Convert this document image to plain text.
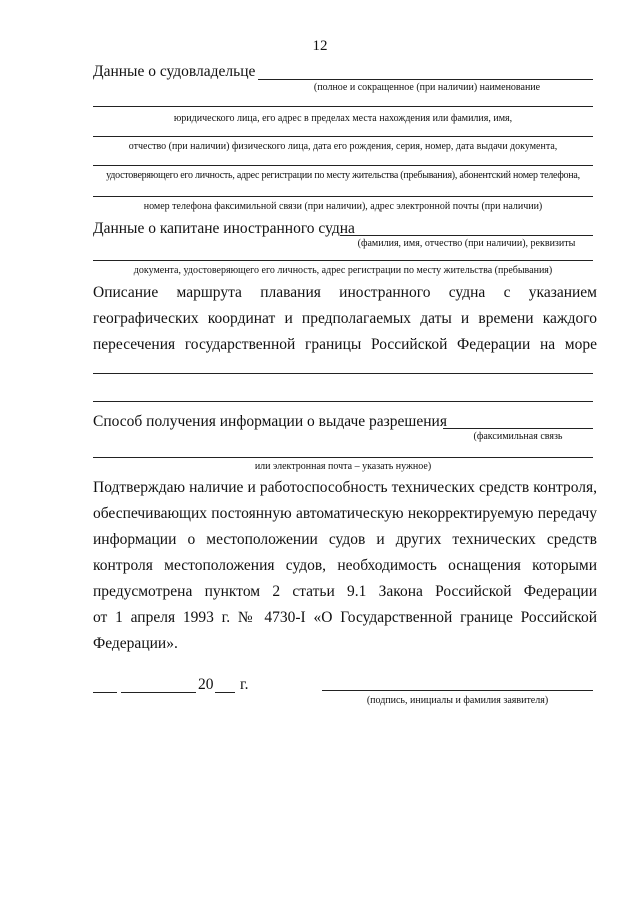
12
Данные о судовладельце
(полное и сокращенное (при наличии) наименование
юридического лица, его адрес в пределах места нахождения или фамилия, имя,
отчество (при наличии) физического лица, дата его рождения, серия, номер, дата выдачи документа,
удостоверяющего его личность, адрес регистрации по месту жительства (пребывания), абонентский номер телефона,
номер телефона факсимильной связи (при наличии), адрес электронной почты (при наличии)
Данные о капитане иностранного судна
(фамилия, имя, отчество (при наличии), реквизиты
документа, удостоверяющего его личность, адрес регистрации по месту жительства (пребывания)
Описание маршрута плавания иностранного судна с указанием
географических координат и предполагаемых даты и времени каждого
пересечения государственной границы Российской Федерации на море
Способ получения информации о выдаче разрешения
(факсимильная связь
или электронная почта – указать нужное)
Подтверждаю наличие и работоспособность технических средств контроля,
обеспечивающих постоянную автоматическую некорректируемую передачу
информации о местоположении судов и других технических средств
контроля местоположения судов, необходимость оснащения которыми
предусмотрена пунктом 2 статьи 9.1 Закона Российской Федерации
от 1 апреля 1993 г. № 4730-I «О Государственной границе Российской
Федерации».
20 г.
(подпись, инициалы и фамилия заявителя)
